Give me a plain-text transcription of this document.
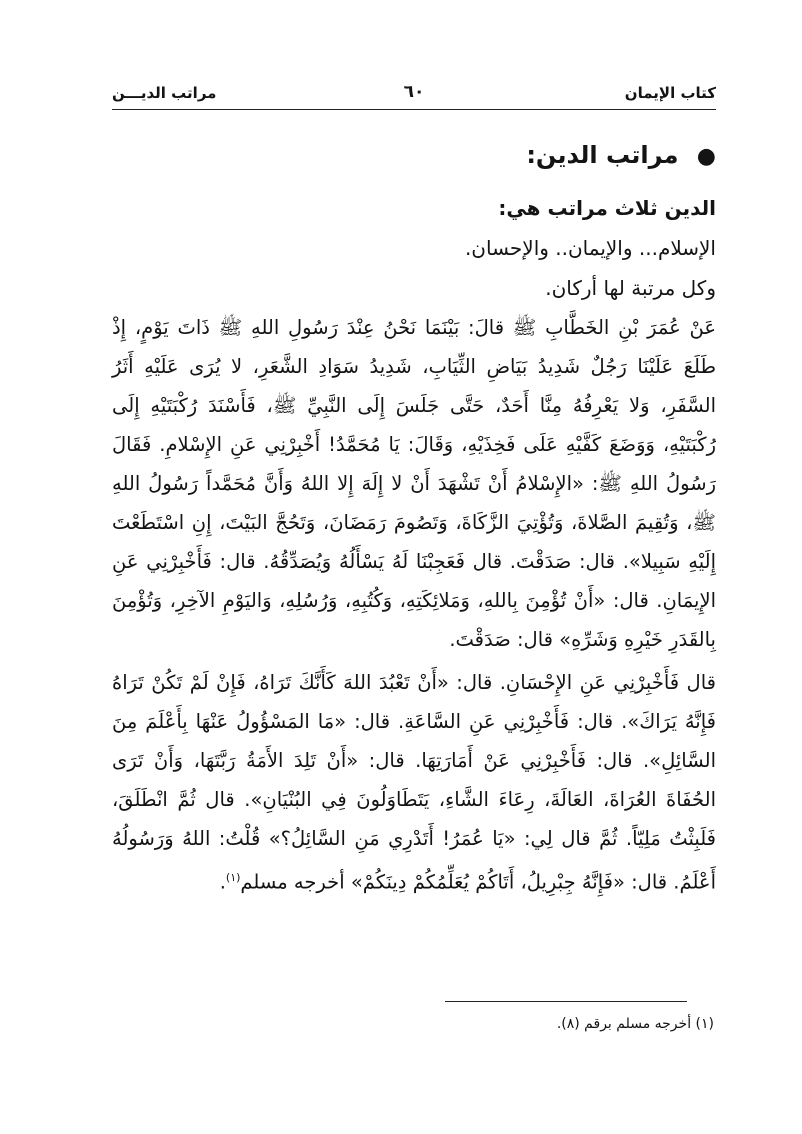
كتاب الإيمان
٦٠
مراتب الديـــن
● مراتب الدين:

الدين ثلاث مراتب هي:

الإسلام... والإيمان.. والإحسان.

وكل مرتبة لها أركان.

عَنْ عُمَرَ بْنِ الخَطَّابِ ﷺ قالَ: بَيْنَمَا نَحْنُ عِنْدَ رَسُولِ اللهِ ﷺ ذَاتَ يَوْمٍ، إِذْ طَلَعَ عَلَيْنَا رَجُلٌ شَدِيدُ بَيَاضِ الثِّيَابِ، شَدِيدُ سَوَادِ الشَّعَرِ، لا يُرَى عَلَيْهِ أَثَرُ السَّفَرِ، وَلا يَعْرِفُهُ مِنَّا أَحَدٌ، حَتَّى جَلَسَ إِلَى النَّبِيِّ ﷺ، فَأَسْنَدَ رُكْبَتَيْهِ إِلَى رُكْبَتَيْهِ، وَوَضَعَ كَفَّيْهِ عَلَى فَخِذَيْهِ، وَقَالَ: يَا مُحَمَّدُ! أَخْبِرْنِي عَنِ الإِسْلامِ. فَقَالَ رَسُولُ اللهِ ﷺ: «الإِسْلامُ أَنْ تَشْهَدَ أَنْ لا إِلَهَ إِلا اللهُ وَأَنَّ مُحَمَّداً رَسُولُ اللهِ ﷺ، وَتُقِيمَ الصَّلاةَ، وَتُؤْتِيَ الزَّكَاةَ، وَتَصُومَ رَمَضَانَ، وَتَحُجَّ البَيْتَ، إِنِ اسْتَطَعْتَ إِلَيْهِ سَبِيلا». قال: صَدَقْتَ. قال فَعَجِبْنَا لَهُ يَسْأَلُهُ وَيُصَدِّقُهُ. قال: فَأَخْبِرْنِي عَنِ الإِيمَانِ. قال: «أَنْ تُؤْمِنَ بِاللهِ، وَمَلائِكَتِهِ، وَكُتُبِهِ، وَرُسُلِهِ، وَاليَوْمِ الآخِرِ، وَتُؤْمِنَ بِالقَدَرِ خَيْرِهِ وَشَرِّهِ» قال: صَدَقْتَ.

قال فَأَخْبِرْنِي عَنِ الإِحْسَانِ. قال: «أَنْ تَعْبُدَ اللهَ كَأَنَّكَ تَرَاهُ، فَإِنْ لَمْ تَكُنْ تَرَاهُ فَإِنَّهُ يَرَاكَ». قال: فَأَخْبِرْنِي عَنِ السَّاعَةِ. قال: «مَا المَسْؤُولُ عَنْهَا بِأَعْلَمَ مِنَ السَّائِلِ». قال: فَأَخْبِرْنِي عَنْ أَمَارَتِهَا. قال: «أَنْ تَلِدَ الأَمَةُ رَبَّتَهَا، وَأَنْ تَرَى الحُفَاةَ العُرَاةَ، العَالَةَ، رِعَاءَ الشَّاءِ، يَتَطَاوَلُونَ فِي البُنْيَانِ». قال ثُمَّ انْطَلَقَ، فَلَبِثْتُ مَلِيّاً. ثُمَّ قال لِي: «يَا عُمَرُ! أَتَدْرِي مَنِ السَّائِلُ؟» قُلْتُ: اللهُ وَرَسُولُهُ أَعْلَمُ. قال: «فَإِنَّهُ جِبْرِيلُ، أَتَاكُمْ يُعَلِّمُكُمْ دِينَكُمْ» أخرجه مسلم$^{(١)}$.

(١) أخرجه مسلم برقم (٨).
